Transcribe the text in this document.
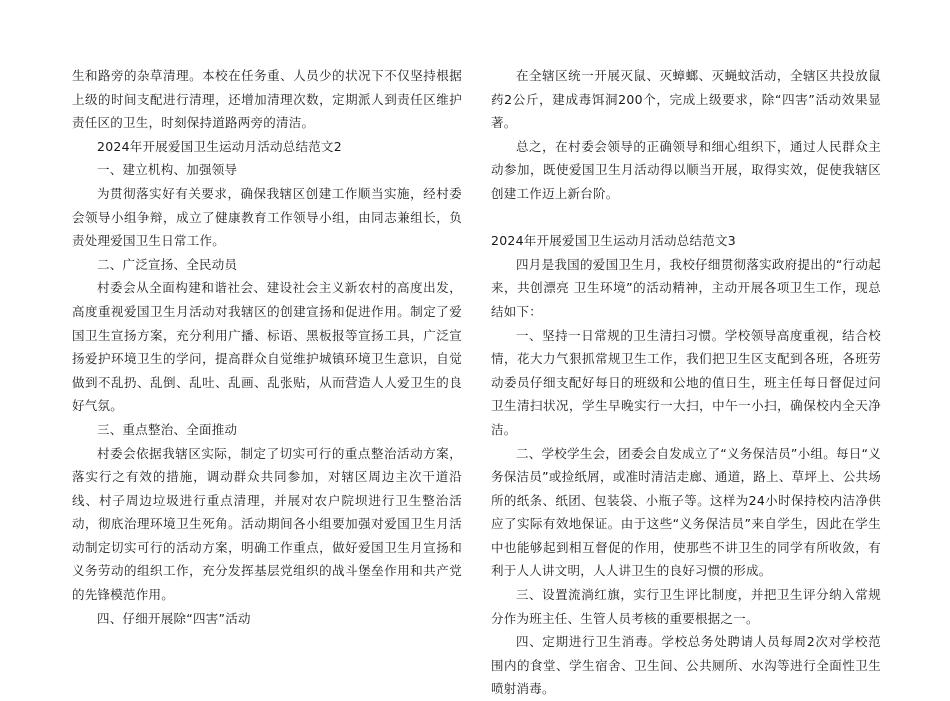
生和路旁的杂草清理。本校在任务重、人员少的状况下不仅坚持根据上级的时间支配进行清理，还增加清理次数，定期派人到责任区维护责任区的卫生，时刻保持道路两旁的清洁。

2024年开展爱国卫生运动月活动总结范文2

一、建立机构、加强领导

为贯彻落实好有关要求，确保我辖区创建工作顺当实施，经村委会领导小组争辩，成立了健康教育工作领导小组，由同志兼组长，负责处理爱国卫生日常工作。

二、广泛宣扬、全民动员

村委会从全面构建和谐社会、建设社会主义新农村的高度出发，高度重视爱国卫生月活动对我辖区的创建宣扬和促进作用。制定了爱国卫生宣扬方案，充分利用广播、标语、黑板报等宣扬工具，广泛宣扬爱护环境卫生的学问，提高群众自觉维护城镇环境卫生意识，自觉做到不乱扔、乱倒、乱吐、乱画、乱张贴，从而营造人人爱卫生的良好气氛。

三、重点整治、全面推动

村委会依据我辖区实际，制定了切实可行的重点整治活动方案，落实行之有效的措施，调动群众共同参加，对辖区周边主次干道沿线、村子周边垃圾进行重点清理，并展对农户院坝进行卫生整治活动，彻底治理环境卫生死角。活动期间各小组要加强对爱国卫生月活动制定切实可行的活动方案，明确工作重点，做好爱国卫生月宣扬和义务劳动的组织工作，充分发挥基层党组织的战斗堡垒作用和共产党的先锋模范作用。

四、仔细开展除“四害”活动

在全辖区统一开展灭鼠、灭蟑螂、灭蝇蚊活动，全辖区共投放鼠药2公斤，建成毒饵洞200个，完成上级要求，除“四害”活动效果显著。

总之，在村委会领导的正确领导和细心组织下，通过人民群众主动参加，既使爱国卫生月活动得以顺当开展，取得实效，促使我辖区创建工作迈上新台阶。

2024年开展爱国卫生运动月活动总结范文3

四月是我国的爱国卫生月，我校仔细贯彻落实政府提出的“行动起来，共创漂亮 卫生环境”的活动精神，主动开展各项卫生工作，现总结如下：

一、坚持一日常规的卫生清扫习惯。学校领导高度重视，结合校情，花大力气狠抓常规卫生工作，我们把卫生区支配到各班，各班劳动委员仔细支配好每日的班级和公地的值日生，班主任每日督促过问卫生清扫状况，学生早晚实行一大扫，中午一小扫，确保校内全天净洁。

二、学校学生会，团委会自发成立了“义务保洁员”小组。每日“义务保洁员”或捡纸屑，或准时清洁走廊、通道，路上、草坪上、公共场所的纸条、纸团、包装袋、小瓶子等。这样为24小时保持校内洁净供应了实际有效地保证。由于这些“义务保洁员”来自学生，因此在学生中也能够起到相互督促的作用，使那些不讲卫生的同学有所收敛，有利于人人讲文明，人人讲卫生的良好习惯的形成。

三、设置流淌红旗，实行卫生评比制度，并把卫生评分纳入常规分作为班主任、生管人员考核的重要根据之一。

四、定期进行卫生消毒。学校总务处聘请人员每周2次对学校范围内的食堂、学生宿舍、卫生间、公共厕所、水沟等进行全面性卫生喷射消毒。
